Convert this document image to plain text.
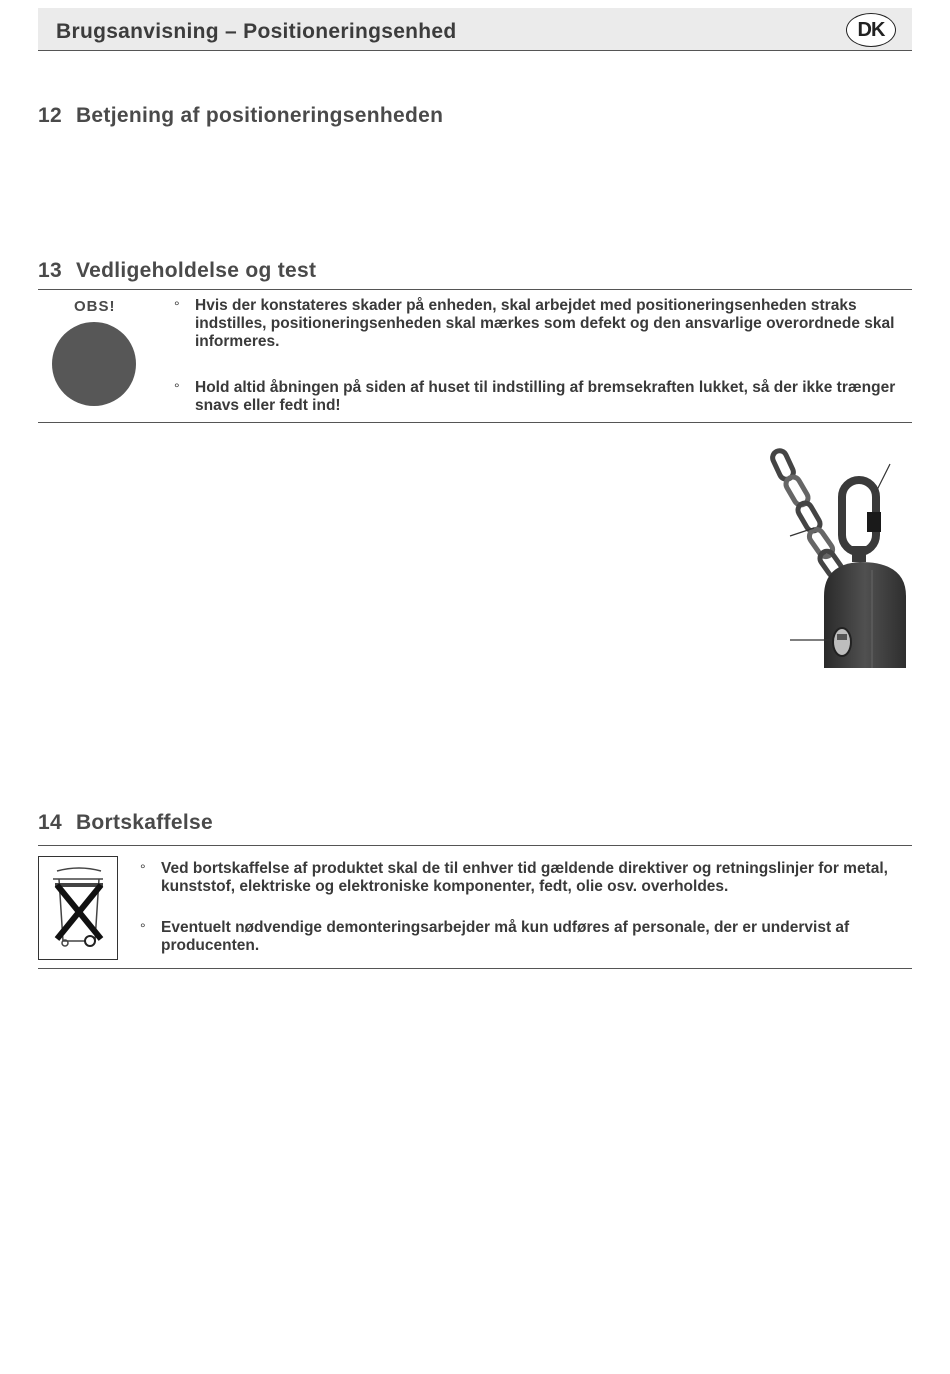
Brugsanvisning – Positioneringsenhed	DK
12 Betjening af positioneringsenheden
13 Vedligeholdelse og test
OBS!	° Hvis der konstateres skader på enheden, skal arbejdet med positioneringsenheden straks indstilles, positioneringsenheden skal mærkes som defekt og den ansvarlige overordnede skal informeres.
° Hold altid åbningen på siden af huset til indstilling af bremsekraften lukket, så der ikke trænger snavs eller fedt ind!
14 Bortskaffelse
° Ved bortskaffelse af produktet skal de til enhver tid gældende direktiver og retningslinjer for metal, kunststof, elektriske og elektroniske komponenter, fedt, olie osv. overholdes.
° Eventuelt nødvendige demonteringsarbejder må kun udføres af personale, der er undervist af producenten.
